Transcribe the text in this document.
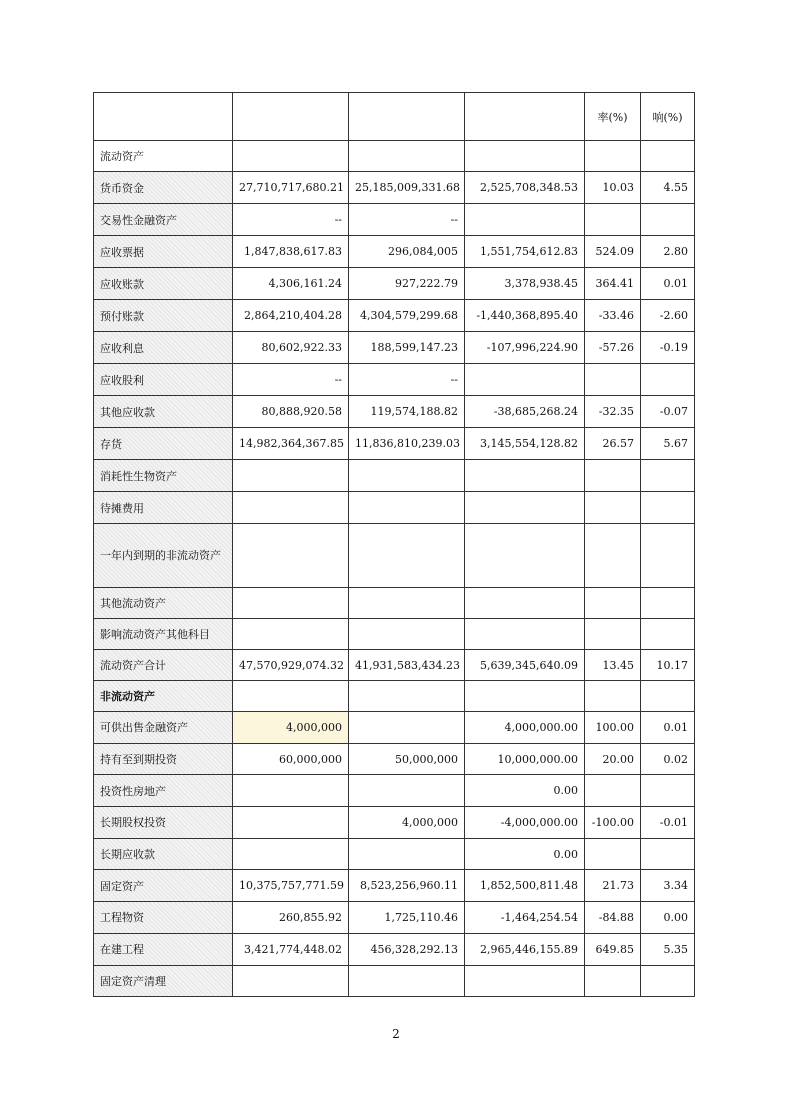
				率(%)	响(%)
流动资产					
货币资金	27,710,717,680.21	25,185,009,331.68	2,525,708,348.53	10.03	4.55
交易性金融资产	--	--			
应收票据	1,847,838,617.83	296,084,005	1,551,754,612.83	524.09	2.80
应收账款	4,306,161.24	927,222.79	3,378,938.45	364.41	0.01
预付账款	2,864,210,404.28	4,304,579,299.68	-1,440,368,895.40	-33.46	-2.60
应收利息	80,602,922.33	188,599,147.23	-107,996,224.90	-57.26	-0.19
应收股利	--	--			
其他应收款	80,888,920.58	119,574,188.82	-38,685,268.24	-32.35	-0.07
存货	14,982,364,367.85	11,836,810,239.03	3,145,554,128.82	26.57	5.67
消耗性生物资产					
待摊费用					
一年内到期的非流动资产					
其他流动资产					
影响流动资产其他科目					
流动资产合计	47,570,929,074.32	41,931,583,434.23	5,639,345,640.09	13.45	10.17
非流动资产					
可供出售金融资产	4,000,000		4,000,000.00	100.00	0.01
持有至到期投资	60,000,000	50,000,000	10,000,000.00	20.00	0.02
投资性房地产			0.00		
长期股权投资		4,000,000	-4,000,000.00	-100.00	-0.01
长期应收款			0.00		
固定资产	10,375,757,771.59	8,523,256,960.11	1,852,500,811.48	21.73	3.34
工程物资	260,855.92	1,725,110.46	-1,464,254.54	-84.88	0.00
在建工程	3,421,774,448.02	456,328,292.13	2,965,446,155.89	649.85	5.35
固定资产清理					
2
